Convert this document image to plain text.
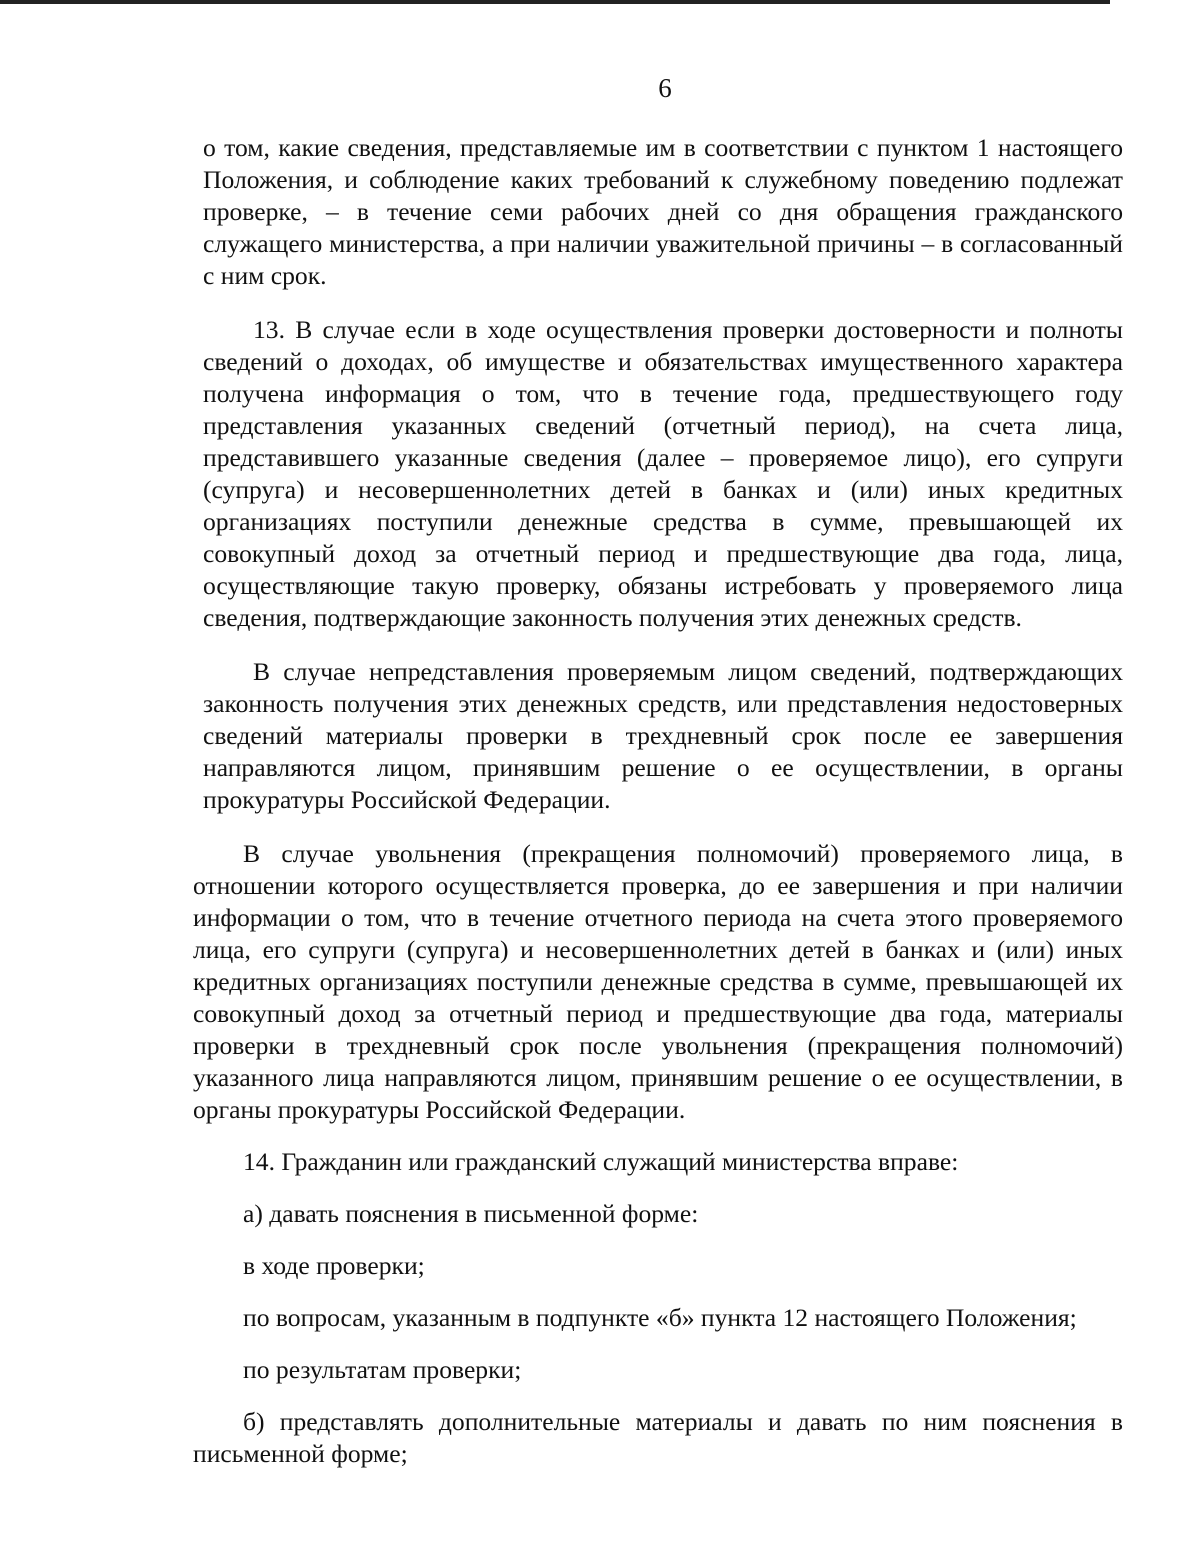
6

о том, какие сведения, представляемые им в соответствии с пунктом 1 настоящего Положения, и соблюдение каких требований к служебному поведению подлежат проверке, – в течение семи рабочих дней со дня обращения гражданского служащего министерства, а при наличии уважительной причины – в согласованный с ним срок.

13. В случае если в ходе осуществления проверки достоверности и полноты сведений о доходах, об имуществе и обязательствах имущественного характера получена информация о том, что в течение года, предшествующего году представления указанных сведений (отчетный период), на счета лица, представившего указанные сведения (далее – проверяемое лицо), его супруги (супруга) и несовершеннолетних детей в банках и (или) иных кредитных организациях поступили денежные средства в сумме, превышающей их совокупный доход за отчетный период и предшествующие два года, лица, осуществляющие такую проверку, обязаны истребовать у проверяемого лица сведения, подтверждающие законность получения этих денежных средств.

В случае непредставления проверяемым лицом сведений, подтверждающих законность получения этих денежных средств, или представления недостоверных сведений материалы проверки в трехдневный срок после ее завершения направляются лицом, принявшим решение о ее осуществлении, в органы прокуратуры Российской Федерации.

В случае увольнения (прекращения полномочий) проверяемого лица, в отношении которого осуществляется проверка, до ее завершения и при наличии информации о том, что в течение отчетного периода на счета этого проверяемого лица, его супруги (супруга) и несовершеннолетних детей в банках и (или) иных кредитных организациях поступили денежные средства в сумме, превышающей их совокупный доход за отчетный период и предшествующие два года, материалы проверки в трехдневный срок после увольнения (прекращения полномочий) указанного лица направляются лицом, принявшим решение о ее осуществлении, в органы прокуратуры Российской Федерации.

14. Гражданин или гражданский служащий министерства вправе:

а) давать пояснения в письменной форме:

в ходе проверки;

по вопросам, указанным в подпункте «б» пункта 12 настоящего Положения;

по результатам проверки;

б) представлять дополнительные материалы и давать по ним пояснения в письменной форме;
